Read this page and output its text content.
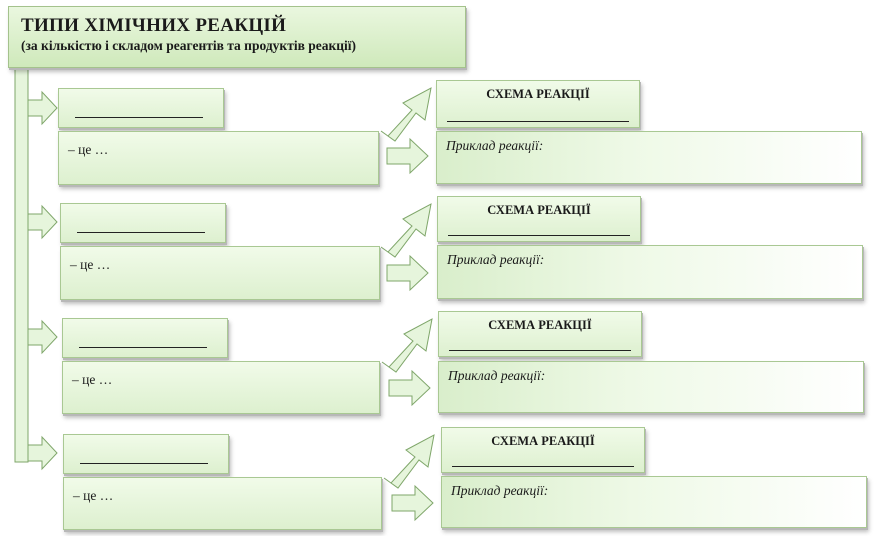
ТИПИ ХІМІЧНИХ РЕАКЦІЙ
(за кількістю і складом реагентів та продуктів реакції)
– це …
СХЕМА РЕАКЦІЇ
Приклад реакції:
– це …
СХЕМА РЕАКЦІЇ
Приклад реакції:
– це …
СХЕМА РЕАКЦІЇ
Приклад реакції:
– це …
СХЕМА РЕАКЦІЇ
Приклад реакції:
